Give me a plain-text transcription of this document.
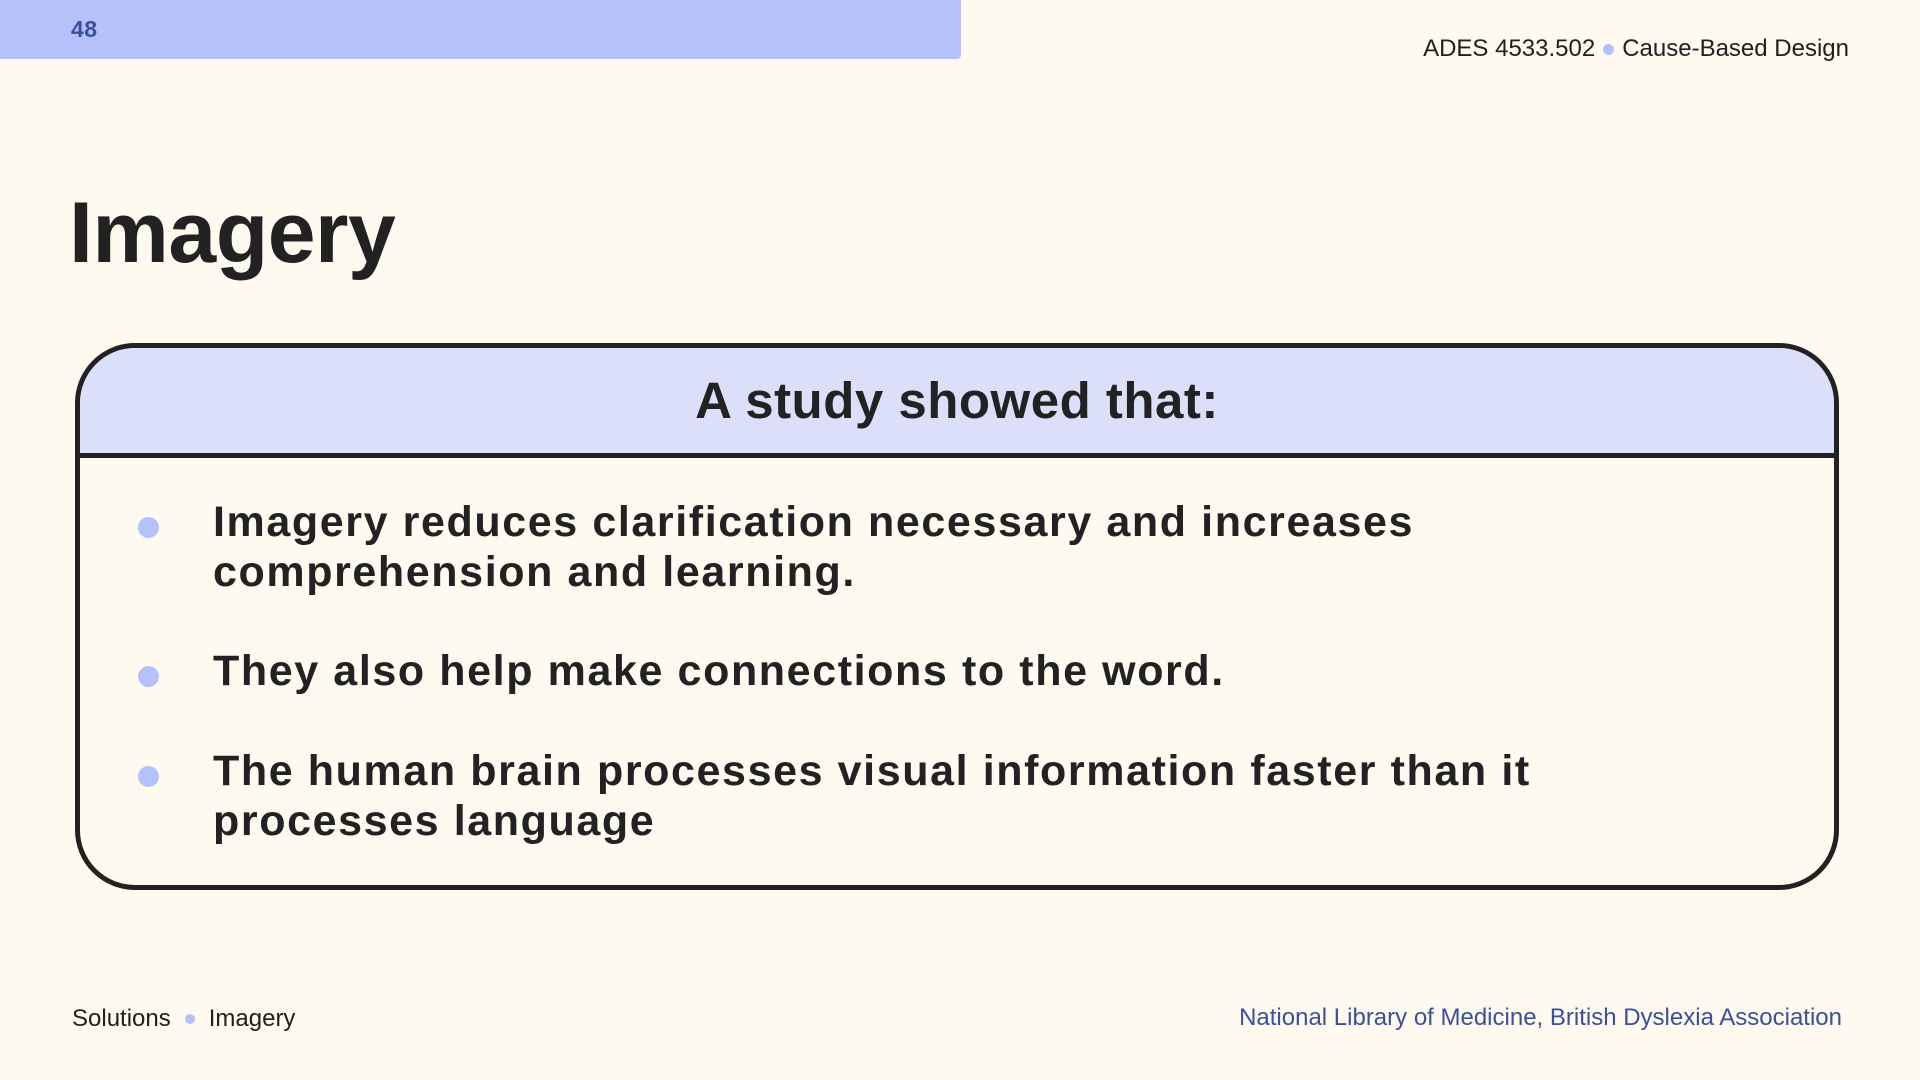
48
ADES 4533.502 Cause-Based Design
Imagery
A study showed that:
Imagery reduces clarification necessary and increases comprehension and learning.
They also help make connections to the word.
The human brain processes visual information faster than it processes language
Solutions Imagery	National Library of Medicine, British Dyslexia Association
